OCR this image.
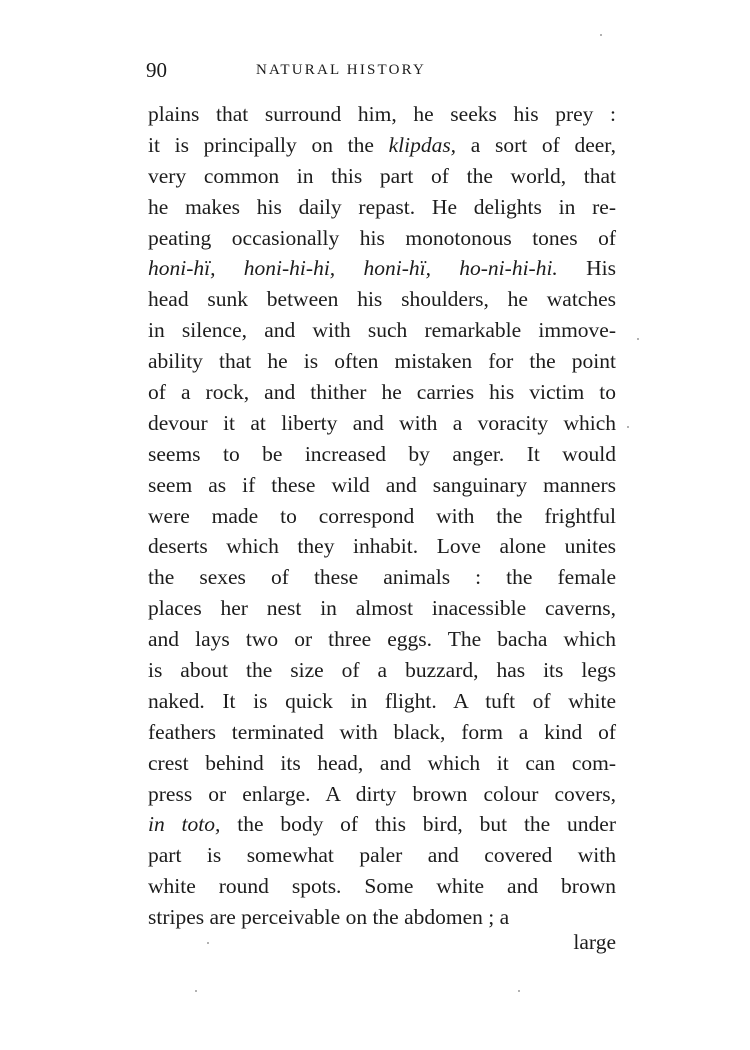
90	NATURAL HISTORY
plains that surround him, he seeks his prey :
it is principally on the klipdas, a sort of deer,
very common in this part of the world, that
he makes his daily repast. He delights in re-
peating occasionally his monotonous tones of
honi-hï, honi-hi-hi, honi-hï, ho-ni-hi-hi. His
head sunk between his shoulders, he watches
in silence, and with such remarkable immove-
ability that he is often mistaken for the point
of a rock, and thither he carries his victim to
devour it at liberty and with a voracity which
seems to be increased by anger. It would
seem as if these wild and sanguinary manners
were made to correspond with the frightful
deserts which they inhabit. Love alone unites
the sexes of these animals : the female
places her nest in almost inacessible caverns,
and lays two or three eggs. The bacha which
is about the size of a buzzard, has its legs
naked. It is quick in flight. A tuft of white
feathers terminated with black, form a kind of
crest behind its head, and which it can com-
press or enlarge. A dirty brown colour covers,
in toto, the body of this bird, but the under
part is somewhat paler and covered with
white round spots. Some white and brown
stripes are perceivable on the abdomen ; a
large
